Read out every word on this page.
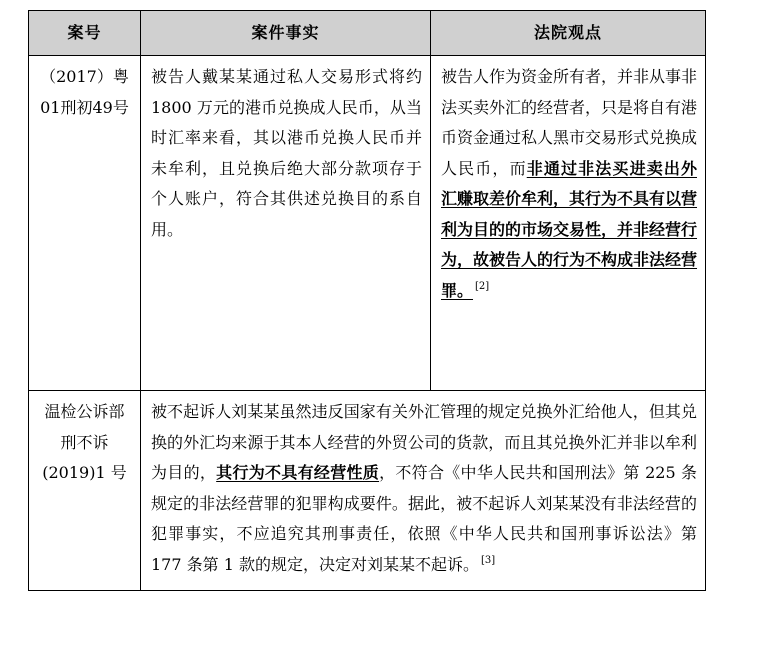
案号	案件事实	法院观点

（2017）粤
01刑初49号	被告人戴某某通过私人交易形式将约 1800 万元的港币兑换成人民币，从当时汇率来看，其以港币兑换人民币并未牟利，且兑换后绝大部分款项存于个人账户，符合其供述兑换目的系自用。	被告人作为资金所有者，并非从事非法买卖外汇的经营者，只是将自有港币资金通过私人黑市交易形式兑换成人民币，而非通过非法买进卖出外汇赚取差价牟利，其行为不具有以营利为目的的市场交易性，并非经营行为，故被告人的行为不构成非法经营罪。 [2]

温检公诉部
刑不诉
(2019)1 号	被不起诉人刘某某虽然违反国家有关外汇管理的规定兑换外汇给他人，但其兑换的外汇均来源于其本人经营的外贸公司的货款，而且其兑换外汇并非以牟利为目的，其行为不具有经营性质，不符合《中华人民共和国刑法》第 225 条规定的非法经营罪的犯罪构成要件。据此，被不起诉人刘某某没有非法经营的犯罪事实，不应追究其刑事责任，依照《中华人民共和国刑事诉讼法》第 177 条第 1 款的规定，决定对刘某某不起诉。 [3]
